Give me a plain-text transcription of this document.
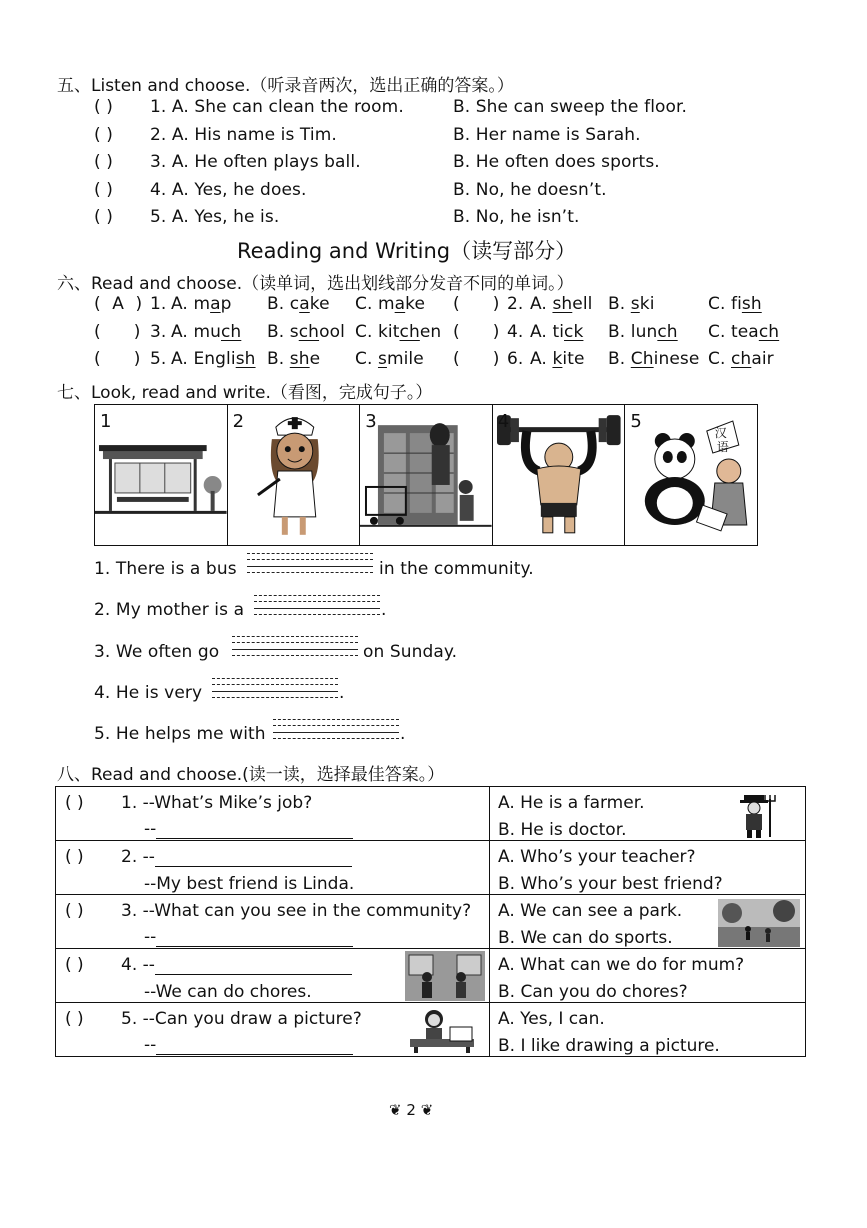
五、Listen and choose.（听录音两次，选出正确的答案。）
( ) 1. A. She can clean the room.	B. She can sweep the floor.
( ) 2. A. His name is Tim.	B. Her name is Sarah.
( ) 3. A. He often plays ball.	B. He often does sports.
( ) 4. A. Yes, he does.	B. No, he doesn’t.
( ) 5. A. Yes, he is.	B. No, he isn’t.
Reading and Writing（读写部分）
六、Read and choose.（读单词，选出划线部分发音不同的单词。）
( A ) 1. A. map B. cake C. make (      ) 2. A. shell B. ski	C. fish
(      ) 3. A. much B. school C. kitchen (      ) 4. A. tick B. lunch C. teach
(      ) 5. A. English B. she C. smile (      ) 6. A. kite B. Chinese C. chair
七、Look, read and write.（看图，完成句子。）
1	2	3	4
汉
语
5
1. There is a bus	in the community.
2. My mother is a	.
3. We often go	on Sunday.
4. He is very	.
5. He helps me with	.
八、Read and choose.(读一读，选择最佳答案。）
( ) 1. --What’s Mike’s job?
--	A. He is a farmer.
B. He is doctor.

( ) 2. --
--My best friend is Linda.	A. Who’s your teacher?
B. Who’s your best friend?

( ) 3. --What can you see in the community?
--	A. We can see a park.
B. We can do sports.

( ) 4. --
--We can do chores.	A. What can we do for mum?
B. Can you do chores?

( ) 5. --Can you draw a picture?
--	A. Yes, I can.
B. I like drawing a picture.
❦ 2 ❦
